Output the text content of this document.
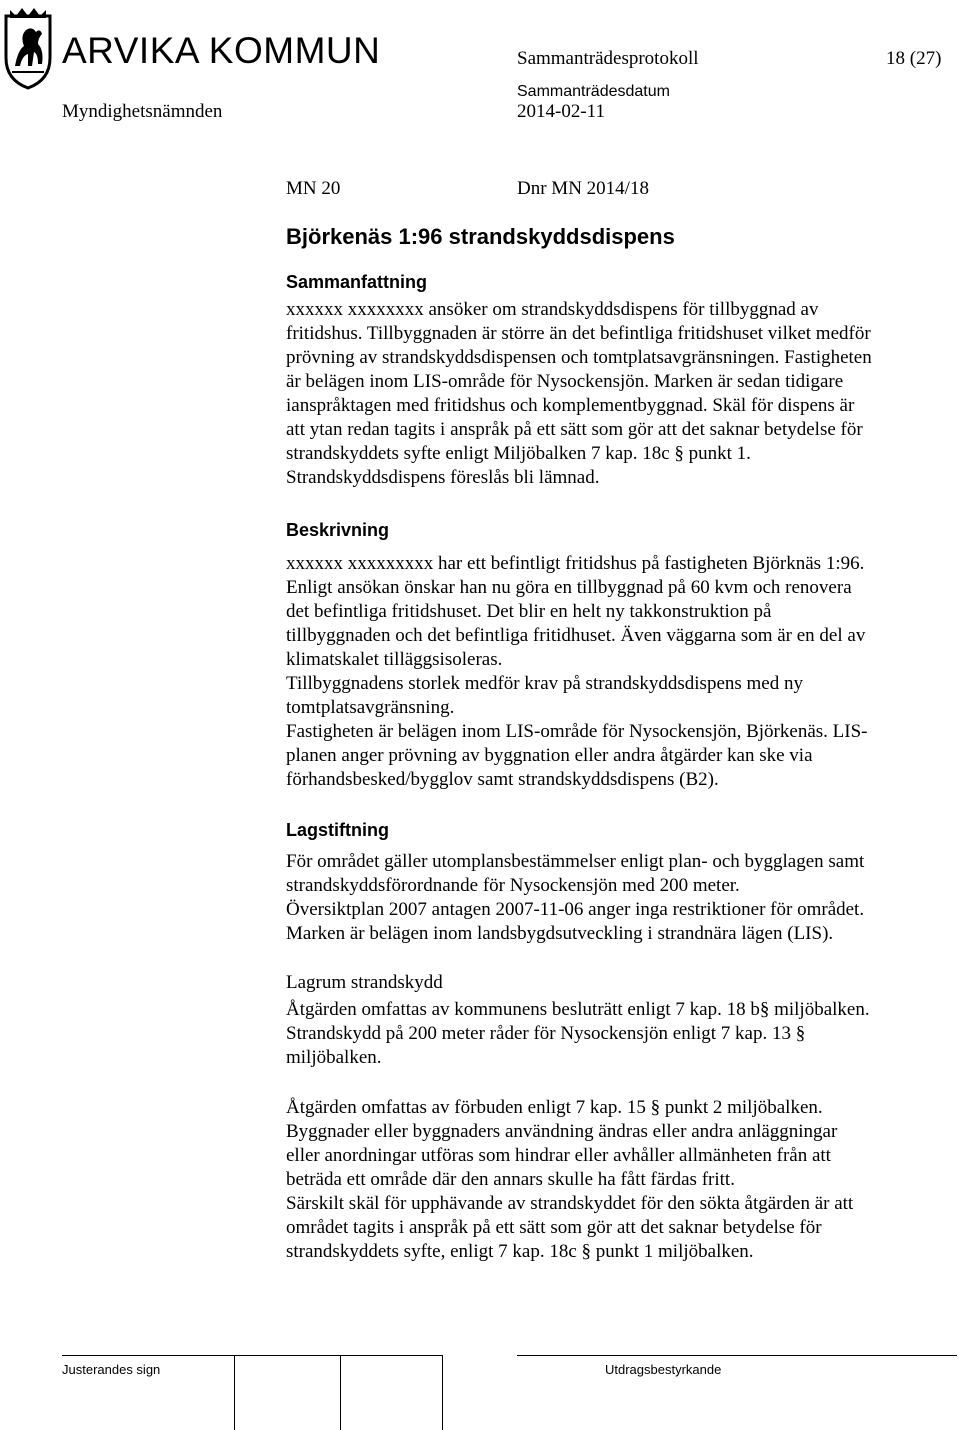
ARVIKA KOMMUN	Sammanträdesprotokoll	18 (27)
Sammanträdesdatum
Myndighetsnämnden	2014-02-11
MN 20	Dnr MN 2014/18
Björkenäs 1:96 strandskyddsdispens
Sammanfattning
xxxxxx xxxxxxxx ansöker om strandskyddsdispens för tillbyggnad av
fritidshus. Tillbyggnaden är större än det befintliga fritidshuset vilket medför
prövning av strandskyddsdispensen och tomtplatsavgränsningen. Fastigheten
är belägen inom LIS-område för Nysockensjön. Marken är sedan tidigare
ianspråktagen med fritidshus och komplementbyggnad. Skäl för dispens är
att ytan redan tagits i anspråk på ett sätt som gör att det saknar betydelse för
strandskyddets syfte enligt Miljöbalken 7 kap. 18c § punkt 1.
Strandskyddsdispens föreslås bli lämnad.
Beskrivning
xxxxxx xxxxxxxxx har ett befintligt fritidshus på fastigheten Björknäs 1:96.
Enligt ansökan önskar han nu göra en tillbyggnad på 60 kvm och renovera
det befintliga fritidshuset. Det blir en helt ny takkonstruktion på
tillbyggnaden och det befintliga fritidhuset. Även väggarna som är en del av
klimatskalet tilläggsisoleras.
Tillbyggnadens storlek medför krav på strandskyddsdispens med ny
tomtplatsavgränsning.
Fastigheten är belägen inom LIS-område för Nysockensjön, Björkenäs. LIS-
planen anger prövning av byggnation eller andra åtgärder kan ske via
förhandsbesked/bygglov samt strandskyddsdispens (B2).
Lagstiftning
För området gäller utomplansbestämmelser enligt plan- och bygglagen samt
strandskyddsförordnande för Nysockensjön med 200 meter.
Översiktplan 2007 antagen 2007-11-06 anger inga restriktioner för området.
Marken är belägen inom landsbygdsutveckling i strandnära lägen (LIS).
Lagrum strandskydd
Åtgärden omfattas av kommunens besluträtt enligt 7 kap. 18 b§ miljöbalken.
Strandskydd på 200 meter råder för Nysockensjön enligt 7 kap. 13 §
miljöbalken.
Åtgärden omfattas av förbuden enligt 7 kap. 15 § punkt 2 miljöbalken.
Byggnader eller byggnaders användning ändras eller andra anläggningar
eller anordningar utföras som hindrar eller avhåller allmänheten från att
beträda ett område där den annars skulle ha fått färdas fritt.
Särskilt skäl för upphävande av strandskyddet för den sökta åtgärden är att
området tagits i anspråk på ett sätt som gör att det saknar betydelse för
strandskyddets syfte, enligt 7 kap. 18c § punkt 1 miljöbalken.
Justerandes sign	Utdragsbestyrkande
